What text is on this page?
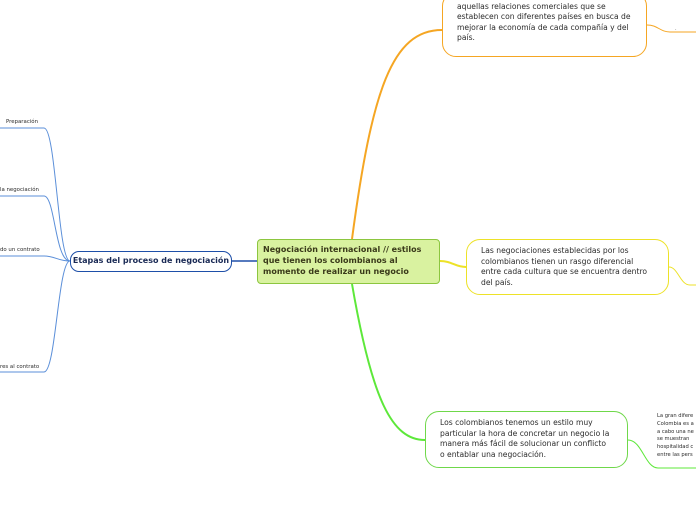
Negociación internacional // estilos que tienen los colombianos al momento de realizar un negocio
Etapas del proceso de negociación
Preparación
la negociación
do un contrato
res al contrato
aquellas relaciones comerciales que se establecen con diferentes países en busca de mejorar la economía de cada compañía y del país.
Las negociaciones establecidas por los colombianos tienen un rasgo diferencial entre cada cultura que se encuentra dentro del país.
Los colombianos tenemos un estilo muy particular la hora de concretar un negocio la manera más fácil de solucionar un conflicto o entablar una negociación.
.
La gran difere
Colombia es a
a cabo una ne
se muestran
hospitalidad c
entre las pers
